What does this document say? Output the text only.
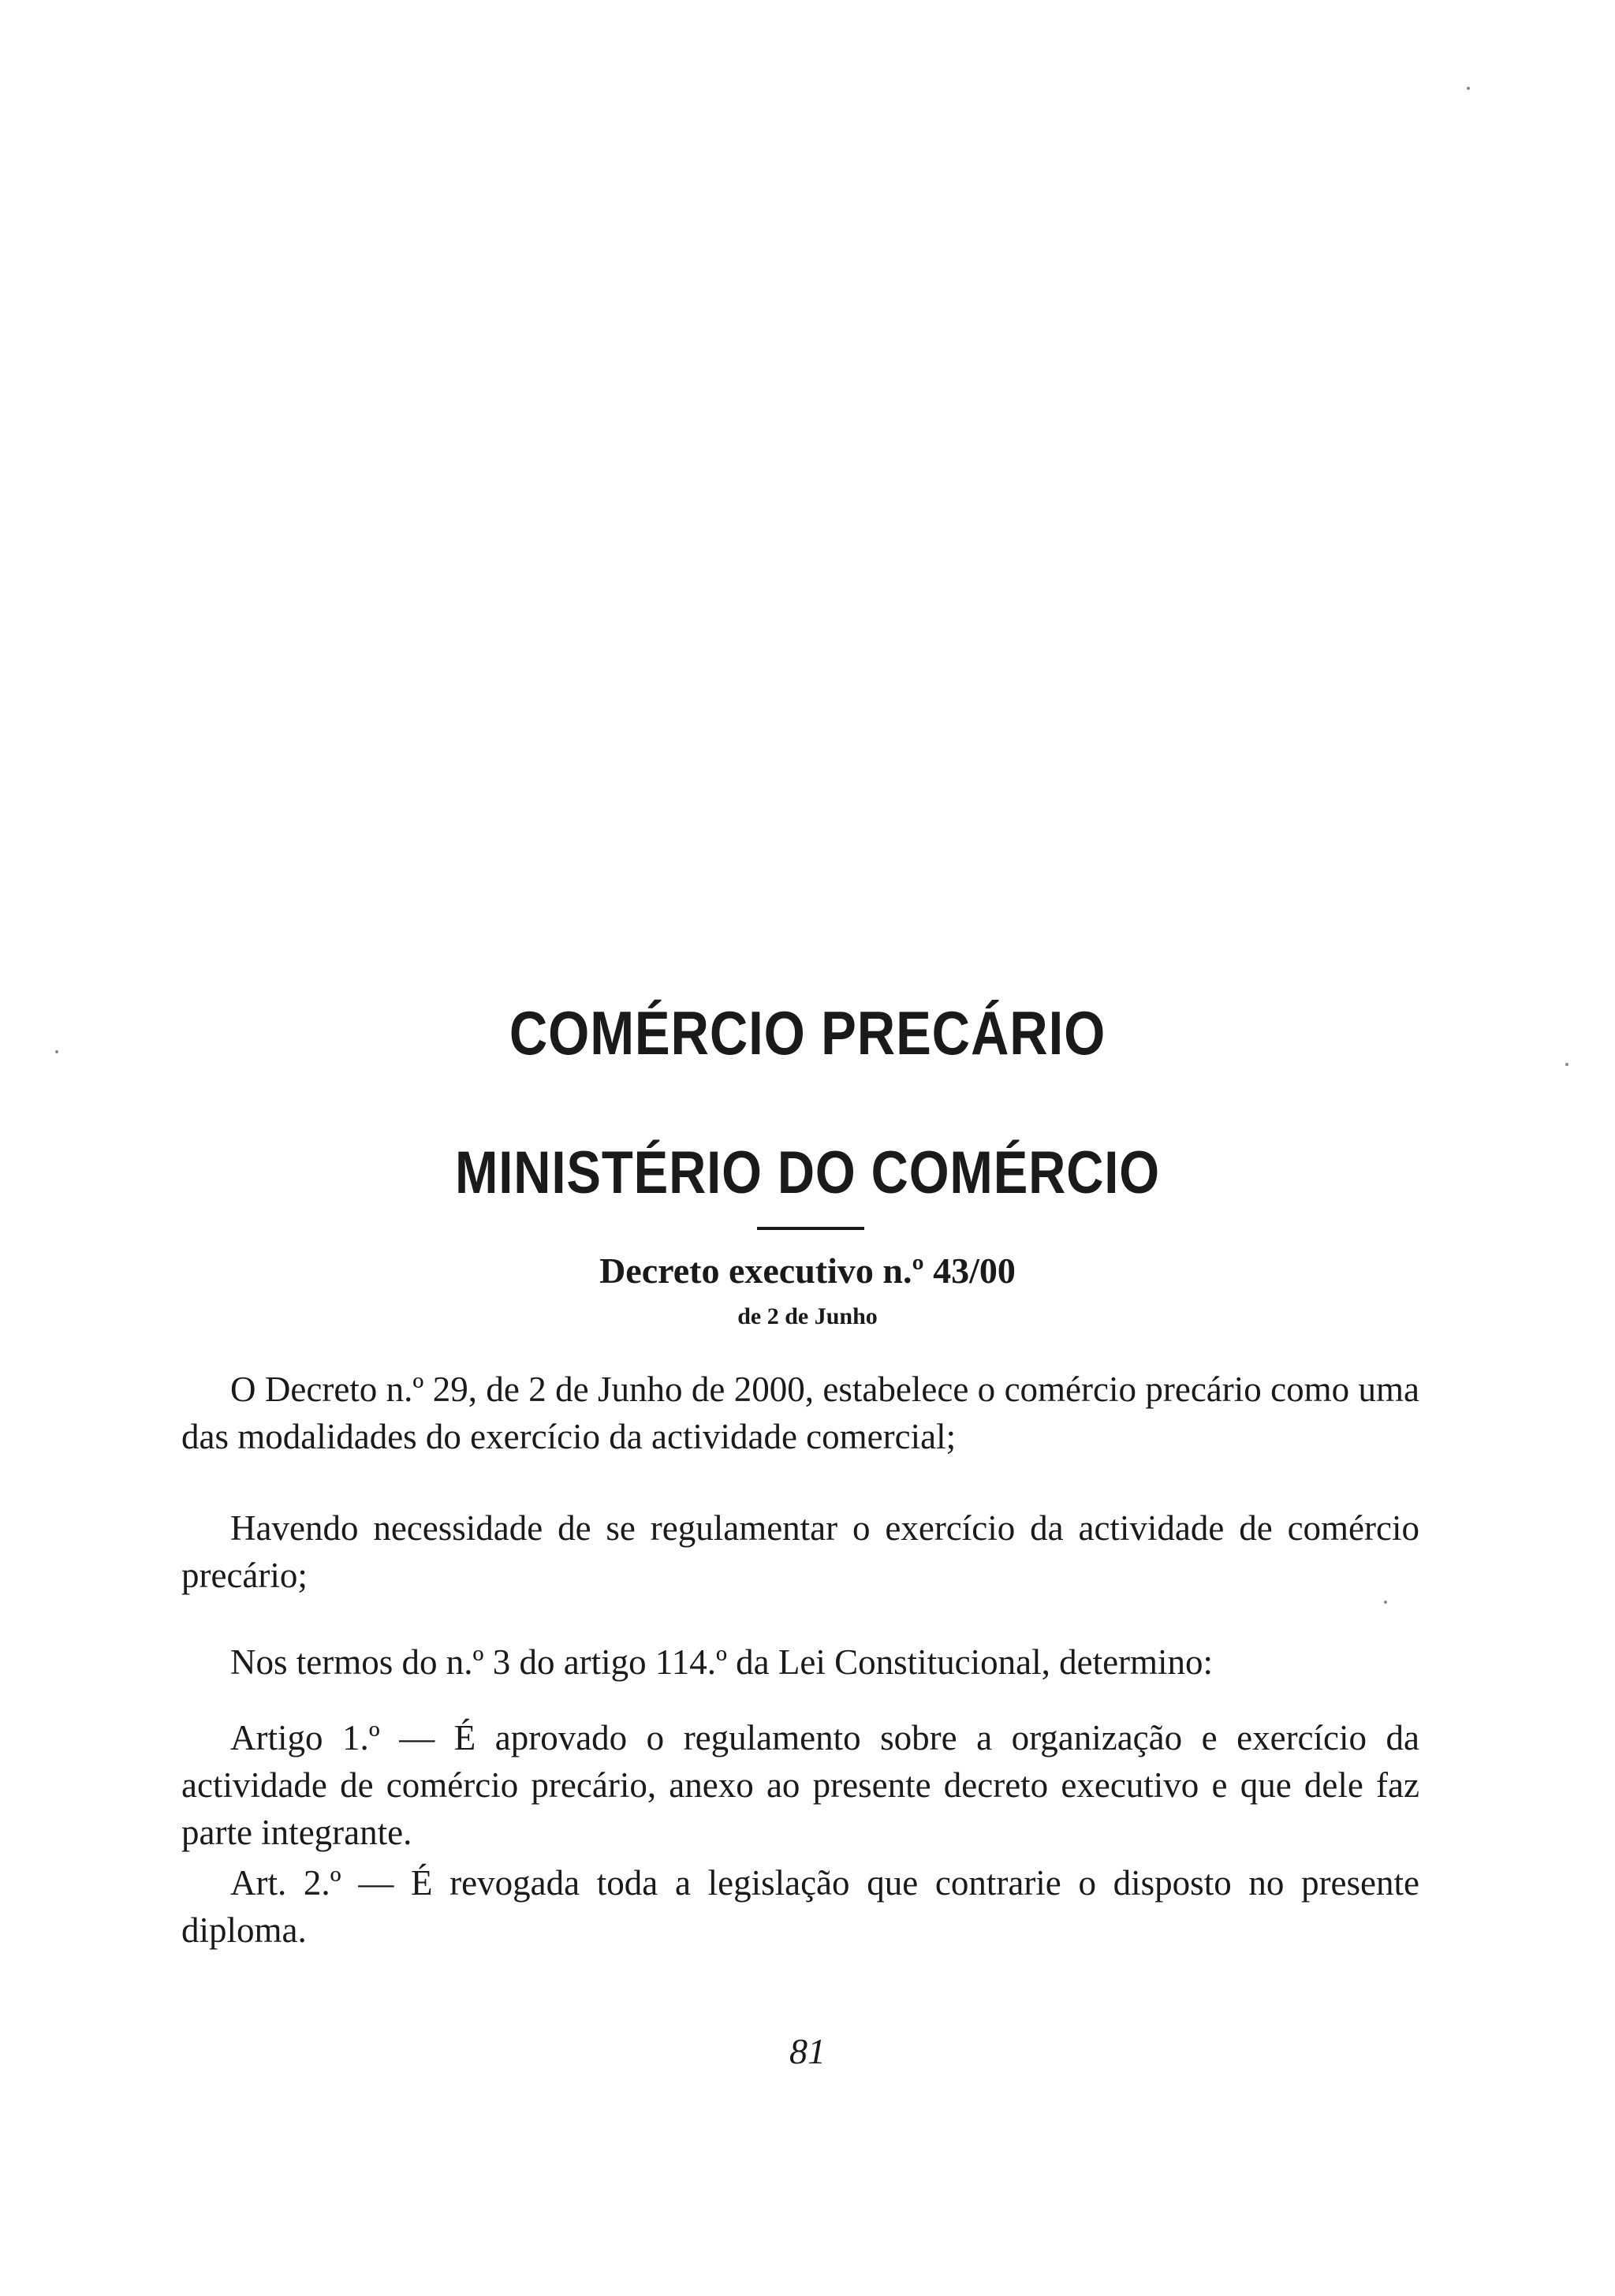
COMÉRCIO PRECÁRIO
MINISTÉRIO DO COMÉRCIO
Decreto executivo n.º 43/00
de 2 de Junho

O Decreto n.º 29, de 2 de Junho de 2000, estabelece o comércio precário como uma das modalidades do exercício da actividade comercial;

Havendo necessidade de se regulamentar o exercício da actividade de comércio precário;

Nos termos do n.º 3 do artigo 114.º da Lei Constitucional, determino:

Artigo 1.º — É aprovado o regulamento sobre a organização e exercício da actividade de comércio precário, anexo ao presente decreto executivo e que dele faz parte integrante.

Art. 2.º — É revogada toda a legislação que contrarie o disposto no presente diploma.

81
